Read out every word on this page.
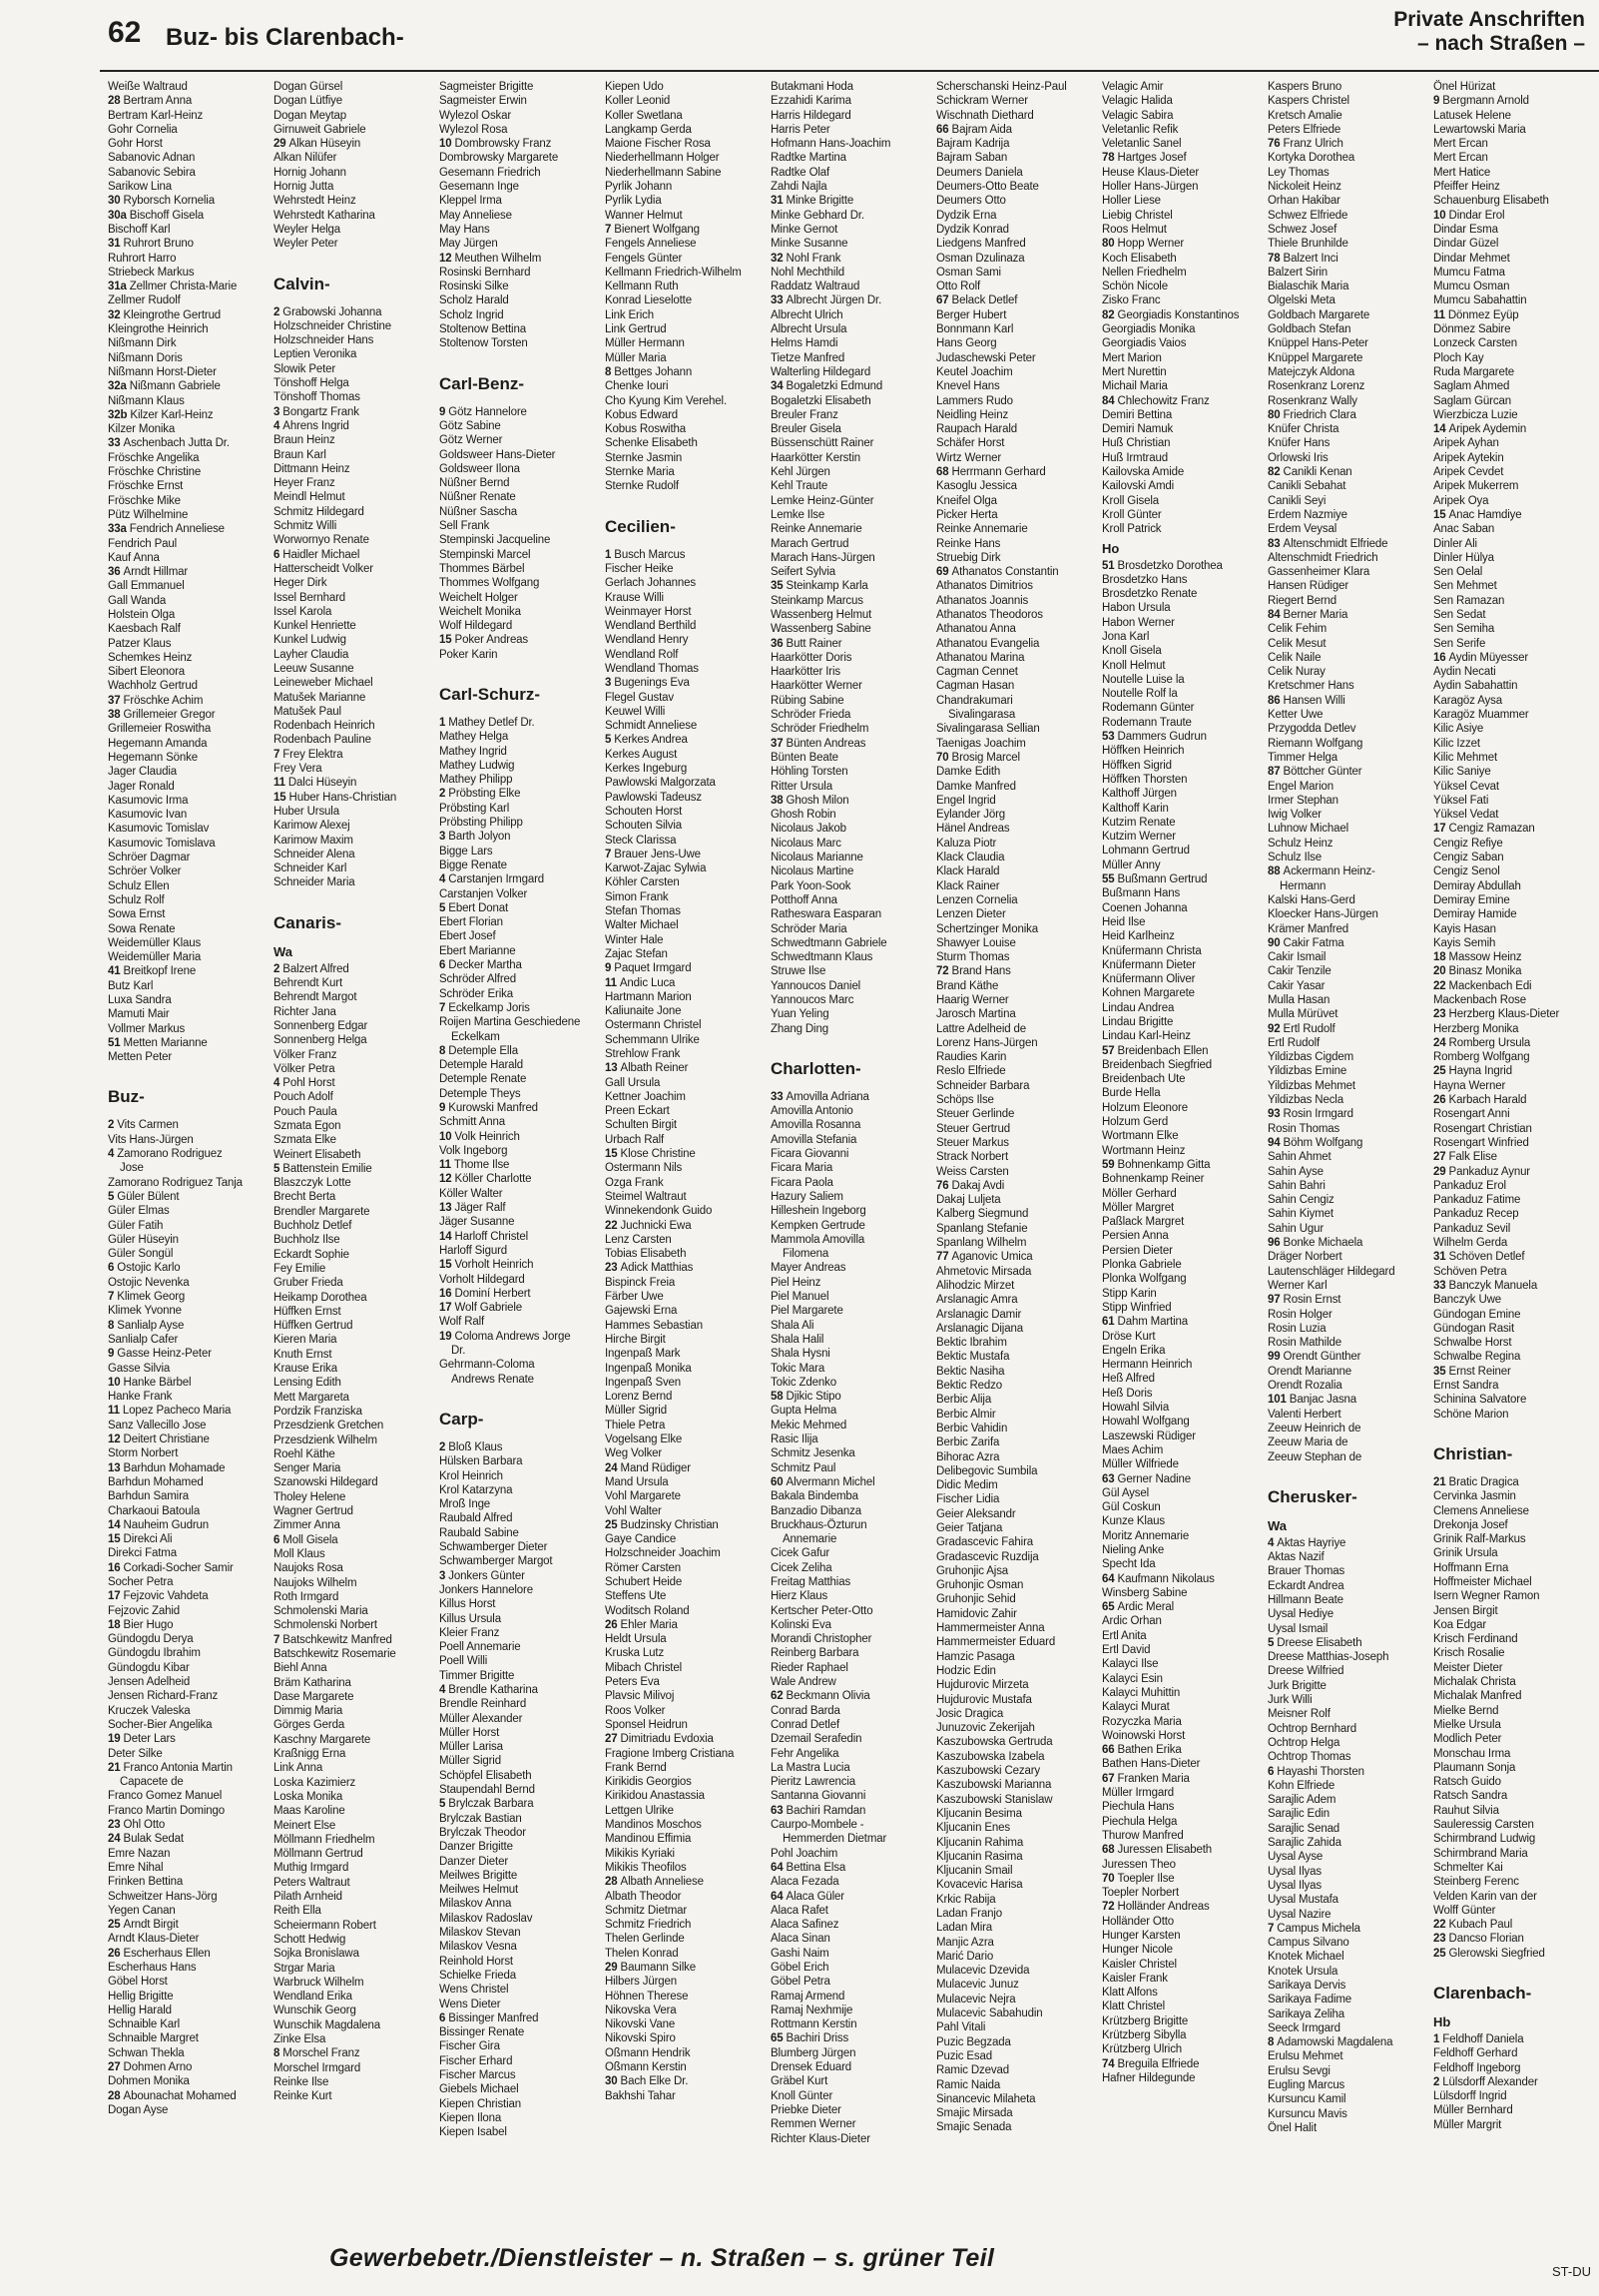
62 Buz- bis Clarenbach-
Private Anschriften
– nach Straßen –
Weiße Waltraud
28 Bertram Anna
Bertram Karl-Heinz
Gohr Cornelia
Gohr Horst
Sabanovic Adnan
Sabanovic Sebira
Sarikow Lina
30 Ryborsch Kornelia
30a Bischoff Gisela
Bischoff Karl
31 Ruhrort Bruno
Ruhrort Harro
Striebeck Markus
31a Zellmer Christa-Marie
Zellmer Rudolf
32 Kleingrothe Gertrud
Kleingrothe Heinrich
Nißmann Dirk
Nißmann Doris
Nißmann Horst-Dieter
32a Nißmann Gabriele
Nißmann Klaus
32b Kilzer Karl-Heinz
Kilzer Monika
33 Aschenbach Jutta Dr.
Fröschke Angelika
Fröschke Christine
Fröschke Ernst
Fröschke Mike
Pütz Wilhelmine
33a Fendrich Anneliese
Fendrich Paul
Kauf Anna
36 Arndt Hillmar
Gall Emmanuel
Gall Wanda
Holstein Olga
Kaesbach Ralf
Patzer Klaus
Schemkes Heinz
Sibert Eleonora
Wachholz Gertrud
37 Fröschke Achim
38 Grillemeier Gregor
Grillemeier Roswitha
Hegemann Amanda
Hegemann Sönke
Jager Claudia
Jager Ronald
Kasumovic Irma
Kasumovic Ivan
Kasumovic Tomislav
Kasumovic Tomislava
Schröer Dagmar
Schröer Volker
Schulz Ellen
Schulz Rolf
Sowa Ernst
Sowa Renate
Weidemüller Klaus
Weidemüller Maria
41 Breitkopf Irene
Butz Karl
Luxa Sandra
Mamuti Mair
Vollmer Markus
51 Metten Marianne
Metten Peter
Buz-
2 Vits Carmen
Vits Hans-Jürgen
4 Zamorano Rodriguez
Jose
Zamorano Rodriguez Tanja
5 Güler Bülent
Güler Elmas
Güler Fatih
Güler Hüseyin
Güler Songül
6 Ostojic Karlo
Ostojic Nevenka
7 Klimek Georg
Klimek Yvonne
8 Sanlialp Ayse
Sanlialp Cafer
9 Gasse Heinz-Peter
Gasse Silvia
10 Hanke Bärbel
Hanke Frank
11 Lopez Pacheco Maria
Sanz Vallecillo Jose
12 Deitert Christiane
Storm Norbert
13 Barhdun Mohamade
Barhdun Mohamed
Barhdun Samira
Charkaoui Batoula
14 Nauheim Gudrun
15 Direkci Ali
Direkci Fatma
16 Corkadi-Socher Samir
Socher Petra
17 Fejzovic Vahdeta
Fejzovic Zahid
18 Bier Hugo
Gündogdu Derya
Gündogdu Ibrahim
Gündogdu Kibar
Jensen Adelheid
Jensen Richard-Franz
Kruczek Valeska
Socher-Bier Angelika
19 Deter Lars
Deter Silke
21 Franco Antonia Martin
Capacete de
Franco Gomez Manuel
Franco Martin Domingo
23 Ohl Otto
24 Bulak Sedat
Emre Nazan
Emre Nihal
Frinken Bettina
Schweitzer Hans-Jörg
Yegen Canan
25 Arndt Birgit
Arndt Klaus-Dieter
26 Escherhaus Ellen
Escherhaus Hans
Göbel Horst
Hellig Brigitte
Hellig Harald
Schnaible Karl
Schnaible Margret
Schwan Thekla
27 Dohmen Arno
Dohmen Monika
28 Abounachat Mohamed
Dogan Ayse
Dogan Gürsel
Dogan Lütfiye
Dogan Meytap
Girnuweit Gabriele
29 Alkan Hüseyin
Alkan Nilüfer
Hornig Johann
Hornig Jutta
Wehrstedt Heinz
Wehrstedt Katharina
Weyler Helga
Weyler Peter
Calvin-
2 Grabowski Johanna
Holzschneider Christine
Holzschneider Hans
Leptien Veronika
Slowik Peter
Tönshoff Helga
Tönshoff Thomas
3 Bongartz Frank
4 Ahrens Ingrid
Braun Heinz
Braun Karl
Dittmann Heinz
Heyer Franz
Meindl Helmut
Schmitz Hildegard
Schmitz Willi
Worwornyo Renate
6 Haidler Michael
Hatterscheidt Volker
Heger Dirk
Issel Bernhard
Issel Karola
Kunkel Henriette
Kunkel Ludwig
Layher Claudia
Leeuw Susanne
Leineweber Michael
Matušek Marianne
Matušek Paul
Rodenbach Heinrich
Rodenbach Pauline
7 Frey Elektra
Frey Vera
11 Dalci Hüseyin
15 Huber Hans-Christian
Huber Ursula
Karimow Alexej
Karimow Maxim
Schneider Alena
Schneider Karl
Schneider Maria
Canaris-
Wa
2 Balzert Alfred
Behrendt Kurt
Behrendt Margot
Richter Jana
Sonnenberg Edgar
Sonnenberg Helga
Völker Franz
Völker Petra
4 Pohl Horst
Pouch Adolf
Pouch Paula
Szmata Egon
Szmata Elke
Weinert Elisabeth
5 Battenstein Emilie
Blaszczyk Lotte
Brecht Berta
Brendler Margarete
Buchholz Detlef
Buchholz Ilse
Eckardt Sophie
Fey Emilie
Gruber Frieda
Heikamp Dorothea
Hüffken Ernst
Hüffken Gertrud
Kieren Maria
Knuth Ernst
Krause Erika
Lensing Edith
Mett Margareta
Pordzik Franziska
Przesdzienk Gretchen
Przesdzienk Wilhelm
Roehl Käthe
Senger Maria
Szanowski Hildegard
Tholey Helene
Wagner Gertrud
Zimmer Anna
6 Moll Gisela
Moll Klaus
Naujoks Rosa
Naujoks Wilhelm
Roth Irmgard
Schmolenski Maria
Schmolenski Norbert
7 Batschkewitz Manfred
Batschkewitz Rosemarie
Biehl Anna
Bräm Katharina
Dase Margarete
Dimmig Maria
Görges Gerda
Kaschny Margarete
Kraßnigg Erna
Link Anna
Loska Kazimierz
Loska Monika
Maas Karoline
Meinert Else
Möllmann Friedhelm
Möllmann Gertrud
Muthig Irmgard
Peters Waltraut
Pilath Arnheid
Reith Ella
Scheiermann Robert
Schott Hedwig
Sojka Bronislawa
Strgar Maria
Warbruck Wilhelm
Wendland Erika
Wunschik Georg
Wunschik Magdalena
Zinke Elsa
8 Morschel Franz
Morschel Irmgard
Reinke Ilse
Reinke Kurt
Sagmeister Brigitte
Sagmeister Erwin
Wylezol Oskar
Wylezol Rosa
10 Dombrowsky Franz
Dombrowsky Margarete
Gesemann Friedrich
Gesemann Inge
Kleppel Irma
May Anneliese
May Hans
May Jürgen
12 Meuthen Wilhelm
Rosinski Bernhard
Rosinski Silke
Scholz Harald
Scholz Ingrid
Stoltenow Bettina
Stoltenow Torsten
Carl-Benz-
9 Götz Hannelore
Götz Sabine
Götz Werner
Goldsweer Hans-Dieter
Goldsweer Ilona
Nüßner Bernd
Nüßner Renate
Nüßner Sascha
Sell Frank
Stempinski Jacqueline
Stempinski Marcel
Thommes Bärbel
Thommes Wolfgang
Weichelt Holger
Weichelt Monika
Wolf Hildegard
15 Poker Andreas
Poker Karin
Carl-Schurz-
1 Mathey Detlef Dr.
Mathey Helga
Mathey Ingrid
Mathey Ludwig
Mathey Philipp
2 Pröbsting Elke
Pröbsting Karl
Pröbsting Philipp
3 Barth Jolyon
Bigge Lars
Bigge Renate
4 Carstanjen Irmgard
Carstanjen Volker
5 Ebert Donat
Ebert Florian
Ebert Josef
Ebert Marianne
6 Decker Martha
Schröder Alfred
Schröder Erika
7 Eckelkamp Joris
Roijen Martina Geschiedene
Eckelkam
8 Detemple Ella
Detemple Harald
Detemple Renate
Detemple Theys
9 Kurowski Manfred
Schmitt Anna
10 Volk Heinrich
Volk Ingeborg
11 Thome Ilse
12 Köller Charlotte
Köller Walter
13 Jäger Ralf
Jäger Susanne
14 Harloff Christel
Harloff Sigurd
15 Vorholt Heinrich
Vorholt Hildegard
16 Dominí Herbert
17 Wolf Gabriele
Wolf Ralf
19 Coloma Andrews Jorge
Dr.
Gehrmann-Coloma
Andrews Renate
Carp-
2 Bloß Klaus
Hülsken Barbara
Krol Heinrich
Krol Katarzyna
Mroß Inge
Raubald Alfred
Raubald Sabine
Schwamberger Dieter
Schwamberger Margot
3 Jonkers Günter
Jonkers Hannelore
Killus Horst
Killus Ursula
Kleier Franz
Poell Annemarie
Poell Willi
Timmer Brigitte
4 Brendle Katharina
Brendle Reinhard
Müller Alexander
Müller Horst
Müller Larisa
Müller Sigrid
Schöpfel Elisabeth
Staupendahl Bernd
5 Brylczak Barbara
Brylczak Bastian
Brylczak Theodor
Danzer Brigitte
Danzer Dieter
Meilwes Brigitte
Meilwes Helmut
Milaskov Anna
Milaskov Radoslav
Milaskov Stevan
Milaskov Vesna
Reinhold Horst
Schielke Frieda
Wens Christel
Wens Dieter
6 Bissinger Manfred
Bissinger Renate
Fischer Gira
Fischer Erhard
Fischer Marcus
Giebels Michael
Kiepen Christian
Kiepen Ilona
Kiepen Isabel
Kiepen Udo
Koller Leonid
Koller Swetlana
Langkamp Gerda
Maione Fischer Rosa
Niederhellmann Holger
Niederhellmann Sabine
Pyrlik Johann
Pyrlik Lydia
Wanner Helmut
7 Bienert Wolfgang
Fengels Anneliese
Fengels Günter
Kellmann Friedrich-Wilhelm
Kellmann Ruth
Konrad Lieselotte
Link Erich
Link Gertrud
Müller Hermann
Müller Maria
8 Bettges Johann
Chenke Iouri
Cho Kyung Kim Verehel.
Kobus Edward
Kobus Roswitha
Schenke Elisabeth
Sternke Jasmin
Sternke Maria
Sternke Rudolf
Cecilien-
1 Busch Marcus
Fischer Heike
Gerlach Johannes
Krause Willi
Weinmayer Horst
Wendland Berthild
Wendland Henry
Wendland Rolf
Wendland Thomas
3 Bugenings Eva
Flegel Gustav
Keuwel Willi
Schmidt Anneliese
5 Kerkes Andrea
Kerkes August
Kerkes Ingeburg
Pawlowski Malgorzata
Pawlowski Tadeusz
Schouten Horst
Schouten Silvia
Steck Clarissa
7 Brauer Jens-Uwe
Karwot-Zajac Sylwia
Köhler Carsten
Simon Frank
Stefan Thomas
Walter Michael
Winter Hale
Zajac Stefan
9 Paquet Irmgard
11 Andic Luca
Hartmann Marion
Kaliunaite Jone
Ostermann Christel
Schemmann Ulrike
Strehlow Frank
13 Albath Reiner
Gall Ursula
Kettner Joachim
Preen Eckart
Schulten Birgit
Urbach Ralf
15 Klose Christine
Ostermann Nils
Ozga Frank
Steimel Waltraut
Winnekendonk Guido
22 Juchnicki Ewa
Lenz Carsten
Tobias Elisabeth
23 Adick Matthias
Bispinck Freia
Färber Uwe
Gajewski Erna
Hammes Sebastian
Hirche Birgit
Ingenpaß Mark
Ingenpaß Monika
Ingenpaß Sven
Lorenz Bernd
Müller Sigrid
Thiele Petra
Vogelsang Elke
Weg Volker
24 Mand Rüdiger
Mand Ursula
Vohl Margarete
Vohl Walter
25 Budzinsky Christian
Gaye Candice
Holzschneider Joachim
Römer Carsten
Schubert Heide
Steffens Ute
Woditsch Roland
26 Ehler Maria
Heldt Ursula
Kruska Lutz
Mibach Christel
Peters Eva
Plavsic Milivoj
Roos Volker
Sponsel Heidrun
27 Dimitriadu Evdoxia
Fragione Imberg Cristiana
Frank Bernd
Kirikidis Georgios
Kirikidou Anastassia
Lettgen Ulrike
Mandinos Moschos
Mandinou Effimia
Mikikis Kyriaki
Mikikis Theofilos
28 Albath Anneliese
Albath Theodor
Schmitz Dietmar
Schmitz Friedrich
Thelen Gerlinde
Thelen Konrad
29 Baumann Silke
Hilbers Jürgen
Höhnen Therese
Nikovska Vera
Nikovski Vane
Nikovski Spiro
Oßmann Hendrik
Oßmann Kerstin
30 Bach Elke Dr.
Bakhshi Tahar
Butakmani Hoda
Ezzahidi Karima
Harris Hildegard
Harris Peter
Hofmann Hans-Joachim
Radtke Martina
Radtke Olaf
Zahdi Najla
31 Minke Brigitte
Minke Gebhard Dr.
Minke Gernot
Minke Susanne
32 Nohl Frank
Nohl Mechthild
Raddatz Waltraud
33 Albrecht Jürgen Dr.
Albrecht Ulrich
Albrecht Ursula
Helms Hamdi
Tietze Manfred
Walterling Hildegard
34 Bogaletzki Edmund
Bogaletzki Elisabeth
Breuler Franz
Breuler Gisela
Büssenschütt Rainer
Haarkötter Kerstin
Kehl Jürgen
Kehl Traute
Lemke Heinz-Günter
Lemke Ilse
Reinke Annemarie
Marach Gertrud
Marach Hans-Jürgen
Seifert Sylvia
35 Steinkamp Karla
Steinkamp Marcus
Wassenberg Helmut
Wassenberg Sabine
36 Butt Rainer
Haarkötter Doris
Haarkötter Iris
Haarkötter Werner
Rübing Sabine
Schröder Frieda
Schröder Friedhelm
37 Bünten Andreas
Bünten Beate
Höhling Torsten
Ritter Ursula
38 Ghosh Milon
Ghosh Robin
Nicolaus Jakob
Nicolaus Marc
Nicolaus Marianne
Nicolaus Martine
Park Yoon-Sook
Potthoff Anna
Ratheswara Easparan
Schröder Maria
Schwedtmann Gabriele
Schwedtmann Klaus
Struwe Ilse
Yannoucos Daniel
Yannoucos Marc
Yuan Yeling
Zhang Ding
Charlotten-
33 Amovilla Adriana
Amovilla Antonio
Amovilla Rosanna
Amovilla Stefania
Ficara Giovanni
Ficara Maria
Ficara Paola
Hazury Saliem
Hilleshein Ingeborg
Kempken Gertrude
Mammola Amovilla
Filomena
Mayer Andreas
Piel Heinz
Piel Manuel
Piel Margarete
Shala Ali
Shala Halil
Shala Hysni
Tokic Mara
Tokic Zdenko
58 Djikic Stipo
Gupta Helma
Mekic Mehmed
Rasic Ilija
Schmitz Jesenka
Schmitz Paul
60 Alvermann Michel
Bakala Bindemba
Banzadio Dibanza
Bruckhaus-Özturun
Annemarie
Cicek Gafur
Cicek Zeliha
Freitag Matthias
Hierz Klaus
Kertscher Peter-Otto
Kolinski Eva
Morandi Christopher
Reinberg Barbara
Rieder Raphael
Wale Andrew
62 Beckmann Olivia
Conrad Barda
Conrad Detlef
Dzemail Serafedin
Fehr Angelika
La Mastra Lucia
Pieritz Lawrencia
Santanna Giovanni
63 Bachiri Ramdan
Caurpo-Mombele -
Hemmerden Dietmar
Pohl Joachim
64 Bettina Elsa
Alaca Fezada
64 Alaca Güler
Alaca Rafet
Alaca Safinez
Alaca Sinan
Gashi Naim
Göbel Erich
Göbel Petra
Ramaj Armend
Ramaj Nexhmije
Rottmann Kerstin
65 Bachiri Driss
Blumberg Jürgen
Drensek Eduard
Gräbel Kurt
Knoll Günter
Priebke Dieter
Remmen Werner
Richter Klaus-Dieter
Scherschanski Heinz-Paul
Schickram Werner
Wischnath Diethard
66 Bajram Aida
Bajram Kadrija
Bajram Saban
Deumers Daniela
Deumers-Otto Beate
Deumers Otto
Dydzik Erna
Dydzik Konrad
Liedgens Manfred
Osman Dzulinaza
Osman Sami
Otto Rolf
67 Belack Detlef
Berger Hubert
Bonnmann Karl
Hans Georg
Judaschewski Peter
Keutel Joachim
Knevel Hans
Lammers Rudo
Neidling Heinz
Raupach Harald
Schäfer Horst
Wirtz Werner
68 Herrmann Gerhard
Kasoglu Jessica
Kneifel Olga
Picker Herta
Reinke Annemarie
Reinke Hans
Struebig Dirk
69 Athanatos Constantin
Athanatos Dimitrios
Athanatos Joannis
Athanatos Theodoros
Athanatou Anna
Athanatou Evangelia
Athanatou Marina
Cagman Cennet
Cagman Hasan
Chandrakumari
Sivalingarasa
Sivalingarasa Sellian
Taenigas Joachim
70 Brosig Marcel
Damke Edith
Damke Manfred
Engel Ingrid
Eylander Jörg
Hänel Andreas
Kaluza Piotr
Klack Claudia
Klack Harald
Klack Rainer
Lenzen Cornelia
Lenzen Dieter
Schertzinger Monika
Shawyer Louise
Sturm Thomas
72 Brand Hans
Brand Käthe
Haarig Werner
Jarosch Martina
Lattre Adelheid de
Lorenz Hans-Jürgen
Raudies Karin
Reslo Elfriede
Schneider Barbara
Schöps Ilse
Steuer Gerlinde
Steuer Gertrud
Steuer Markus
Strack Norbert
Weiss Carsten
76 Dakaj Avdi
Dakaj Luljeta
Kalberg Siegmund
Spanlang Stefanie
Spanlang Wilhelm
77 Aganovic Umica
Ahmetovic Mirsada
Alihodzic Mirzet
Arslanagic Amra
Arslanagic Damir
Arslanagic Dijana
Bektic Ibrahim
Bektic Mustafa
Bektic Nasiha
Bektic Redzo
Berbic Alija
Berbic Almir
Berbic Vahidin
Berbic Zarifa
Bihorac Azra
Delibegovic Sumbila
Didic Medim
Fischer Lidia
Geier Aleksandr
Geier Tatjana
Gradascevic Fahira
Gradascevic Ruzdija
Gruhonjic Ajsa
Gruhonjic Osman
Gruhonjic Sehid
Hamidovic Zahir
Hammermeister Anna
Hammermeister Eduard
Hamzic Pasaga
Hodzic Edin
Hujdurovic Mirzeta
Hujdurovic Mustafa
Josic Dragica
Junuzovic Zekerijah
Kaszubowska Gertruda
Kaszubowska Izabela
Kaszubowski Cezary
Kaszubowski Marianna
Kaszubowski Stanislaw
Kljucanin Besima
Kljucanin Enes
Kljucanin Rahima
Kljucanin Rasima
Kljucanin Smail
Kovacevic Harisa
Krkic Rabija
Ladan Franjo
Ladan Mira
Manjic Azra
Marić Dario
Mulacevic Dzevida
Mulacevic Junuz
Mulacevic Nejra
Mulacevic Sabahudin
Pahl Vitali
Puzic Begzada
Puzic Esad
Ramic Dzevad
Ramic Naida
Sinancevic Milaheta
Smajic Mirsada
Smajic Senada
Velagic Amir
Velagic Halida
Velagic Sabira
Veletanlic Refik
Veletanlic Sanel
78 Hartges Josef
Heuse Klaus-Dieter
Holler Hans-Jürgen
Holler Liese
Liebig Christel
Roos Helmut
80 Hopp Werner
Koch Elisabeth
Nellen Friedhelm
Schön Nicole
Zisko Franc
82 Georgiadis Konstantinos
Georgiadis Monika
Georgiadis Vaios
Mert Marion
Mert Nurettin
Michail Maria
84 Chlechowitz Franz
Demiri Bettina
Demiri Namuk
Huß Christian
Huß Irmtraud
Kailovska Amide
Kailovski Amdi
Kroll Gisela
Kroll Günter
Kroll Patrick
Ho
51 Brosdetzko Dorothea
Brosdetzko Hans
Brosdetzko Renate
Habon Ursula
Habon Werner
Jona Karl
Knoll Gisela
Knoll Helmut
Noutelle Luise la
Noutelle Rolf la
Rodemann Günter
Rodemann Traute
53 Dammers Gudrun
Höffken Heinrich
Höffken Sigrid
Höffken Thorsten
Kalthoff Jürgen
Kalthoff Karin
Kutzim Renate
Kutzim Werner
Lohmann Gertrud
Müller Anny
55 Bußmann Gertrud
Bußmann Hans
Coenen Johanna
Heid Ilse
Heid Karlheinz
Knüfermann Christa
Knüfermann Dieter
Knüfermann Oliver
Kohnen Margarete
Lindau Andrea
Lindau Brigitte
Lindau Karl-Heinz
57 Breidenbach Ellen
Breidenbach Siegfried
Breidenbach Ute
Burde Hella
Holzum Eleonore
Holzum Gerd
Wortmann Elke
Wortmann Heinz
59 Bohnenkamp Gitta
Bohnenkamp Reiner
Möller Gerhard
Möller Margret
Paßlack Margret
Persien Anna
Persien Dieter
Plonka Gabriele
Plonka Wolfgang
Stipp Karin
Stipp Winfried
61 Dahm Martina
Dröse Kurt
Engeln Erika
Hermann Heinrich
Heß Alfred
Heß Doris
Howahl Silvia
Howahl Wolfgang
Laszewski Rüdiger
Maes Achim
Müller Wilfriede
63 Gerner Nadine
Gül Aysel
Gül Coskun
Kunze Klaus
Moritz Annemarie
Nieling Anke
Specht Ida
64 Kaufmann Nikolaus
Winsberg Sabine
65 Ardic Meral
Ardic Orhan
Ertl Anita
Ertl David
Kalayci Ilse
Kalayci Esin
Kalayci Muhittin
Kalayci Murat
Rozyczka Maria
Woinowski Horst
66 Bathen Erika
Bathen Hans-Dieter
67 Franken Maria
Müller Irmgard
Piechula Hans
Piechula Helga
Thurow Manfred
68 Juressen Elisabeth
Juressen Theo
70 Toepler Ilse
Toepler Norbert
72 Holländer Andreas
Holländer Otto
Hunger Karsten
Hunger Nicole
Kaisler Christel
Kaisler Frank
Klatt Alfons
Klatt Christel
Krützberg Brigitte
Krützberg Sibylla
Krützberg Ulrich
74 Breguila Elfriede
Hafner Hildegunde
Kaspers Bruno
Kaspers Christel
Kretsch Amalie
Peters Elfriede
76 Franz Ulrich
Kortyka Dorothea
Ley Thomas
Nickoleit Heinz
Orhan Hakibar
Schwez Elfriede
Schwez Josef
Thiele Brunhilde
78 Balzert Inci
Balzert Sirin
Bialaschik Maria
Olgelski Meta
Goldbach Margarete
Goldbach Stefan
Knüppel Hans-Peter
Knüppel Margarete
Matejczyk Aldona
Rosenkranz Lorenz
Rosenkranz Wally
80 Friedrich Clara
Knüfer Christa
Knüfer Hans
Orlowski Iris
82 Canikli Kenan
Canikli Sebahat
Canikli Seyi
Erdem Nazmiye
Erdem Veysal
83 Altenschmidt Elfriede
Altenschmidt Friedrich
Gassenheimer Klara
Hansen Rüdiger
Riegert Bernd
84 Berner Maria
Celik Fehim
Celik Mesut
Celik Naile
Celik Nuray
Kretschmer Hans
86 Hansen Willi
Ketter Uwe
Przygodda Detlev
Riemann Wolfgang
Timmer Helga
87 Böttcher Günter
Engel Marion
Irmer Stephan
Iwig Volker
Luhnow Michael
Schulz Heinz
Schulz Ilse
88 Ackermann Heinz-
Hermann
Kalski Hans-Gerd
Kloecker Hans-Jürgen
Krämer Manfred
90 Cakir Fatma
Cakir Ismail
Cakir Tenzile
Cakir Yasar
Mulla Hasan
Mulla Mürüvet
92 Ertl Rudolf
Ertl Rudolf
Yildizbas Cigdem
Yildizbas Emine
Yildizbas Mehmet
Yildizbas Necla
93 Rosin Irmgard
Rosin Thomas
94 Böhm Wolfgang
Sahin Ahmet
Sahin Ayse
Sahin Bahri
Sahin Cengiz
Sahin Kiymet
Sahin Ugur
96 Bonke Michaela
Dräger Norbert
Lautenschläger Hildegard
Werner Karl
97 Rosin Ernst
Rosin Holger
Rosin Luzia
Rosin Mathilde
99 Orendt Günther
Orendt Marianne
Orendt Rozalia
101 Banjac Jasna
Valenti Herbert
Zeeuw Heinrich de
Zeeuw Maria de
Zeeuw Stephan de
Cherusker-
Wa
4 Aktas Hayriye
Aktas Nazif
Brauer Thomas
Eckardt Andrea
Hillmann Beate
Uysal Hediye
Uysal Ismail
5 Dreese Elisabeth
Dreese Matthias-Joseph
Dreese Wilfried
Jurk Brigitte
Jurk Willi
Meisner Rolf
Ochtrop Bernhard
Ochtrop Helga
Ochtrop Thomas
6 Hayashi Thorsten
Kohn Elfriede
Sarajlic Adem
Sarajlic Edin
Sarajlic Senad
Sarajlic Zahida
Uysal Ayse
Uysal Ilyas
Uysal Ilyas
Uysal Mustafa
Uysal Nazire
7 Campus Michela
Campus Silvano
Knotek Michael
Knotek Ursula
Sarikaya Dervis
Sarikaya Fadime
Sarikaya Zeliha
Seeck Irmgard
8 Adamowski Magdalena
Erulsu Mehmet
Erulsu Sevgi
Eugling Marcus
Kursuncu Kamil
Kursuncu Mavis
Önel Halit
Önel Hürizat
9 Bergmann Arnold
Latusek Helene
Lewartowski Maria
Mert Ercan
Mert Ercan
Mert Hatice
Pfeiffer Heinz
Schauenburg Elisabeth
10 Dindar Erol
Dindar Esma
Dindar Güzel
Dindar Mehmet
Mumcu Fatma
Mumcu Osman
Mumcu Sabahattin
11 Dönmez Eyüp
Dönmez Sabire
Lonzeck Carsten
Ploch Kay
Ruda Margarete
Saglam Ahmed
Saglam Gürcan
Wierzbicza Luzie
14 Aripek Aydemin
Aripek Ayhan
Aripek Aytekin
Aripek Cevdet
Aripek Mukerrem
Aripek Oya
15 Anac Hamdiye
Anac Saban
Dinler Ali
Dinler Hülya
Sen Oelal
Sen Mehmet
Sen Ramazan
Sen Sedat
Sen Semiha
Sen Serife
16 Aydin Müyesser
Aydin Necati
Aydin Sabahattin
Karagöz Aysa
Karagöz Muammer
Kilic Asiye
Kilic Izzet
Kilic Mehmet
Kilic Saniye
Yüksel Cevat
Yüksel Fati
Yüksel Vedat
17 Cengiz Ramazan
Cengiz Refiye
Cengiz Saban
Cengiz Senol
Demiray Abdullah
Demiray Emine
Demiray Hamide
Kayis Hasan
Kayis Semih
18 Massow Heinz
20 Binasz Monika
22 Mackenbach Edi
Mackenbach Rose
23 Herzberg Klaus-Dieter
Herzberg Monika
24 Romberg Ursula
Romberg Wolfgang
25 Hayna Ingrid
Hayna Werner
26 Karbach Harald
Rosengart Anni
Rosengart Christian
Rosengart Winfried
27 Falk Elise
29 Pankaduz Aynur
Pankaduz Erol
Pankaduz Fatime
Pankaduz Recep
Pankaduz Sevil
Wilhelm Gerda
31 Schöven Detlef
Schöven Petra
33 Banczyk Manuela
Banczyk Uwe
Gündogan Emine
Gündogan Rasit
Schwalbe Horst
Schwalbe Regina
35 Ernst Reiner
Ernst Sandra
Schinina Salvatore
Schöne Marion
Christian-
21 Bratic Dragica
Cervinka Jasmin
Clemens Anneliese
Drekonja Josef
Grinik Ralf-Markus
Grinik Ursula
Hoffmann Erna
Hoffmeister Michael
Isern Wegner Ramon
Jensen Birgit
Koa Edgar
Krisch Ferdinand
Krisch Rosalie
Meister Dieter
Michalak Christa
Michalak Manfred
Mielke Bernd
Mielke Ursula
Modlich Peter
Monschau Irma
Plaumann Sonja
Ratsch Guido
Ratsch Sandra
Rauhut Silvia
Sauleressig Carsten
Schirmbrand Ludwig
Schirmbrand Maria
Schmelter Kai
Steinberg Ferenc
Velden Karin van der
Wolff Günter
22 Kubach Paul
23 Dancso Florian
25 Glerowski Siegfried
Clarenbach-
Hb
1 Feldhoff Daniela
Feldhoff Gerhard
Feldhoff Ingeborg
2 Lülsdorff Alexander
Lülsdorff Ingrid
Müller Bernhard
Müller Margrit
Gewerbebetr./Dienstleister – n. Straßen – s. grüner Teil	ST-DU
